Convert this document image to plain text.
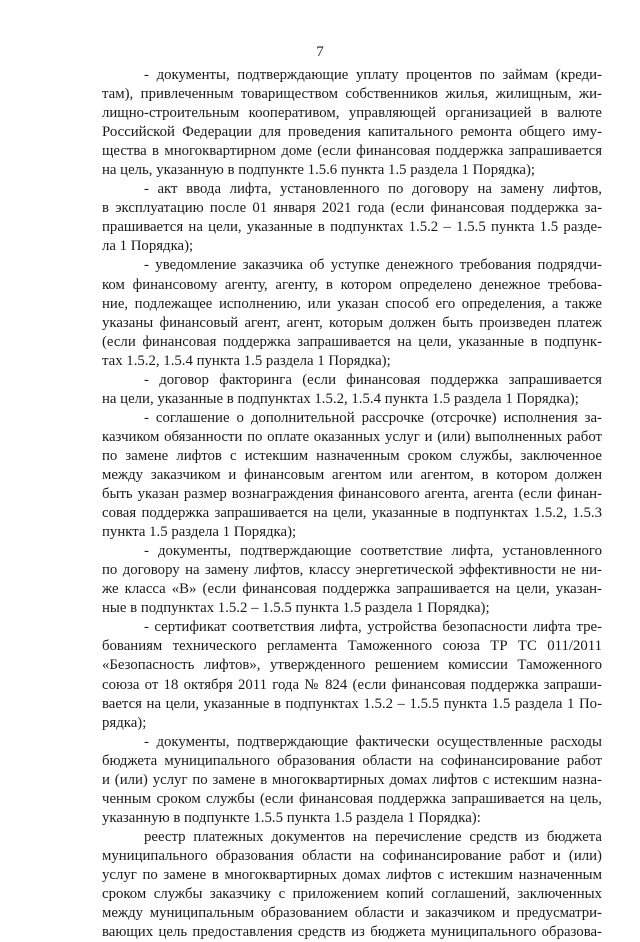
7
- документы, подтверждающие уплату процентов по займам (креди-
там), привлеченным товариществом собственников жилья, жилищным, жи-
лищно-строительным кооперативом, управляющей организацией в валюте
Российской Федерации для проведения капитального ремонта общего иму-
щества в многоквартирном доме (если финансовая поддержка запрашивается
на цель, указанную в подпункте 1.5.6 пункта 1.5 раздела 1 Порядка);
- акт ввода лифта, установленного по договору на замену лифтов,
в эксплуатацию после 01 января 2021 года (если финансовая поддержка за-
прашивается на цели, указанные в подпунктах 1.5.2 – 1.5.5 пункта 1.5 разде-
ла 1 Порядка);
- уведомление заказчика об уступке денежного требования подрядчи-
ком финансовому агенту, агенту, в котором определено денежное требова-
ние, подлежащее исполнению, или указан способ его определения, а также
указаны финансовый агент, агент, которым должен быть произведен платеж
(если финансовая поддержка запрашивается на цели, указанные в подпунк-
тах 1.5.2, 1.5.4 пункта 1.5 раздела 1 Порядка);
- договор факторинга (если финансовая поддержка запрашивается
на цели, указанные в подпунктах 1.5.2, 1.5.4 пункта 1.5 раздела 1 Порядка);
- соглашение о дополнительной рассрочке (отсрочке) исполнения за-
казчиком обязанности по оплате оказанных услуг и (или) выполненных работ
по замене лифтов с истекшим назначенным сроком службы, заключенное
между заказчиком и финансовым агентом или агентом, в котором должен
быть указан размер вознаграждения финансового агента, агента (если финан-
совая поддержка запрашивается на цели, указанные в подпунктах 1.5.2, 1.5.3
пункта 1.5 раздела 1 Порядка);
- документы, подтверждающие соответствие лифта, установленного
по договору на замену лифтов, классу энергетической эффективности не ни-
же класса «В» (если финансовая поддержка запрашивается на цели, указан-
ные в подпунктах 1.5.2 – 1.5.5 пункта 1.5 раздела 1 Порядка);
- сертификат соответствия лифта, устройства безопасности лифта тре-
бованиям технического регламента Таможенного союза ТР ТС 011/2011
«Безопасность лифтов», утвержденного решением комиссии Таможенного
союза от 18 октября 2011 года № 824 (если финансовая поддержка запраши-
вается на цели, указанные в подпунктах 1.5.2 – 1.5.5 пункта 1.5 раздела 1 По-
рядка);
- документы, подтверждающие фактически осуществленные расходы
бюджета муниципального образования области на софинансирование работ
и (или) услуг по замене в многоквартирных домах лифтов с истекшим назна-
ченным сроком службы (если финансовая поддержка запрашивается на цель,
указанную в подпункте 1.5.5 пункта 1.5 раздела 1 Порядка):
реестр платежных документов на перечисление средств из бюджета
муниципального образования области на софинансирование работ и (или)
услуг по замене в многоквартирных домах лифтов с истекшим назначенным
сроком службы заказчику с приложением копий соглашений, заключенных
между муниципальным образованием области и заказчиком и предусматри-
вающих цель предоставления средств из бюджета муниципального образова-
